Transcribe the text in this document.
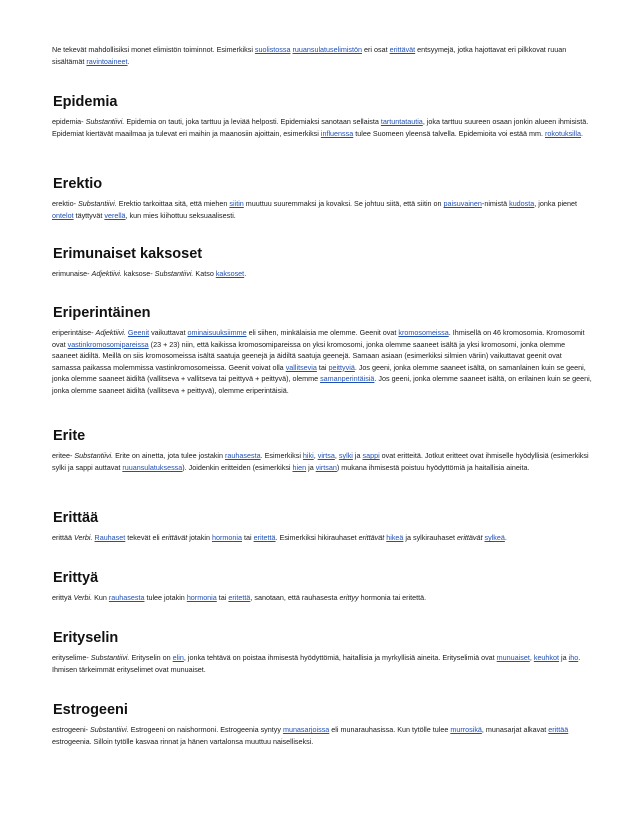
Ne tekevät mahdollisiksi monet elimistön toiminnot. Esimerkiksi suolistossa ruuansulatuselimistön eri osat erittävät entsyymejä, jotka hajottavat eri pilkkovat ruuan sisältämät ravintoaineet.

Epidemia

epidemia- Substantiivi. Epidemia on tauti, joka tarttuu ja leviää helposti. Epidemiaksi sanotaan sellaista tartuntatautia, joka tarttuu suureen osaan jonkin alueen ihmisistä. Epidemiat kiertävät maailmaa ja tulevat eri maihin ja maanosiin ajoittain, esimerkiksi influenssa tulee Suomeen yleensä talvella. Epidemioita voi estää mm. rokotuksilla.

Erektio

erektio- Substantiivi. Erektio tarkoittaa sitä, että miehen siitin muuttuu suuremmaksi ja kovaksi. Se johtuu siitä, että siitin on paisuvainen-nimistä kudosta, jonka pienet ontelot täyttyvät verellä, kun mies kiihottuu seksuaalisesti.

Erimunaiset kaksoset

erimunaise- Adjektiivi. kaksose- Substantiivi. Katso kaksoset.

Eriperintäinen

eriperintäise- Adjektiivi. Geenit vaikuttavat ominaisuuksiimme eli siihen, minkälaisia me olemme. Geenit ovat kromosomeissa. Ihmisellä on 46 kromosomia. Kromosomit ovat vastinkromosomipareissa (23 + 23) niin, että kaikissa kromosomipareissa on yksi kromosomi, jonka olemme saaneet isältä ja yksi kromosomi, jonka olemme saaneet äidiltä. Meillä on siis kromosomeissa isältä saatuja geenejä ja äidiltä saatuja geenejä. Samaan asiaan (esimerkiksi silmien väriin) vaikuttavat geenit ovat samassa paikassa molemmissa vastinkromosomeissa. Geenit voivat olla vallitsevia tai peittyviä. Jos geeni, jonka olemme saaneet isältä, on samanlainen kuin se geeni, jonka olemme saaneet äidiltä (vallitseva + vallitseva tai peittyvä + peittyvä), olemme samanperintäisiä. Jos geeni, jonka olemme saaneet isältä, on erilainen kuin se geeni, jonka olemme saaneet äidiltä (vallitseva + peittyvä), olemme eriperintäisiä.

Erite

eritee- Substantiivi. Erite on ainetta, jota tulee jostakin rauhasesta. Esimerkiksi hiki, virtsa, sylki ja sappi ovat eritteitä. Jotkut eritteet ovat ihmiselle hyödyllisiä (esimerkiksi sylki ja sappi auttavat ruuansulatuksessa). Joidenkin eritteiden (esimerkiksi hien ja virtsan) mukana ihmisestä poistuu hyödyttömiä ja haitallisia aineita.

Erittää

erittää Verbi. Rauhaset tekevät eli erittävät jotakin hormonia tai eritettä. Esimerkiksi hikirauhaset erittävät hikeä ja sylkirauhaset erittävät sylkeä.

Erittyä

erittyä Verbi. Kun rauhasesta tulee jotakin hormonia tai eritettä, sanotaan, että rauhasesta erittyy hormonia tai eritettä.

Erityselin

erityselime- Substantiivi. Erityselin on elin, jonka tehtävä on poistaa ihmisestä hyödyttömiä, haitallisia ja myrkyllisiä aineita. Erityselimiä ovat munuaiset, keuhkot ja iho. Ihmisen tärkeimmät erityselimet ovat munuaiset.

Estrogeeni

estrogeeni- Substantiivi. Estrogeeni on naishormoni. Estrogeenia syntyy munasarjoissa eli munarauhasissa. Kun tytölle tulee murrosikä, munasarjat alkavat erittää estrogeenia. Silloin tytölle kasvaa rinnat ja hänen vartalonsa muuttuu naiselliseksi.
